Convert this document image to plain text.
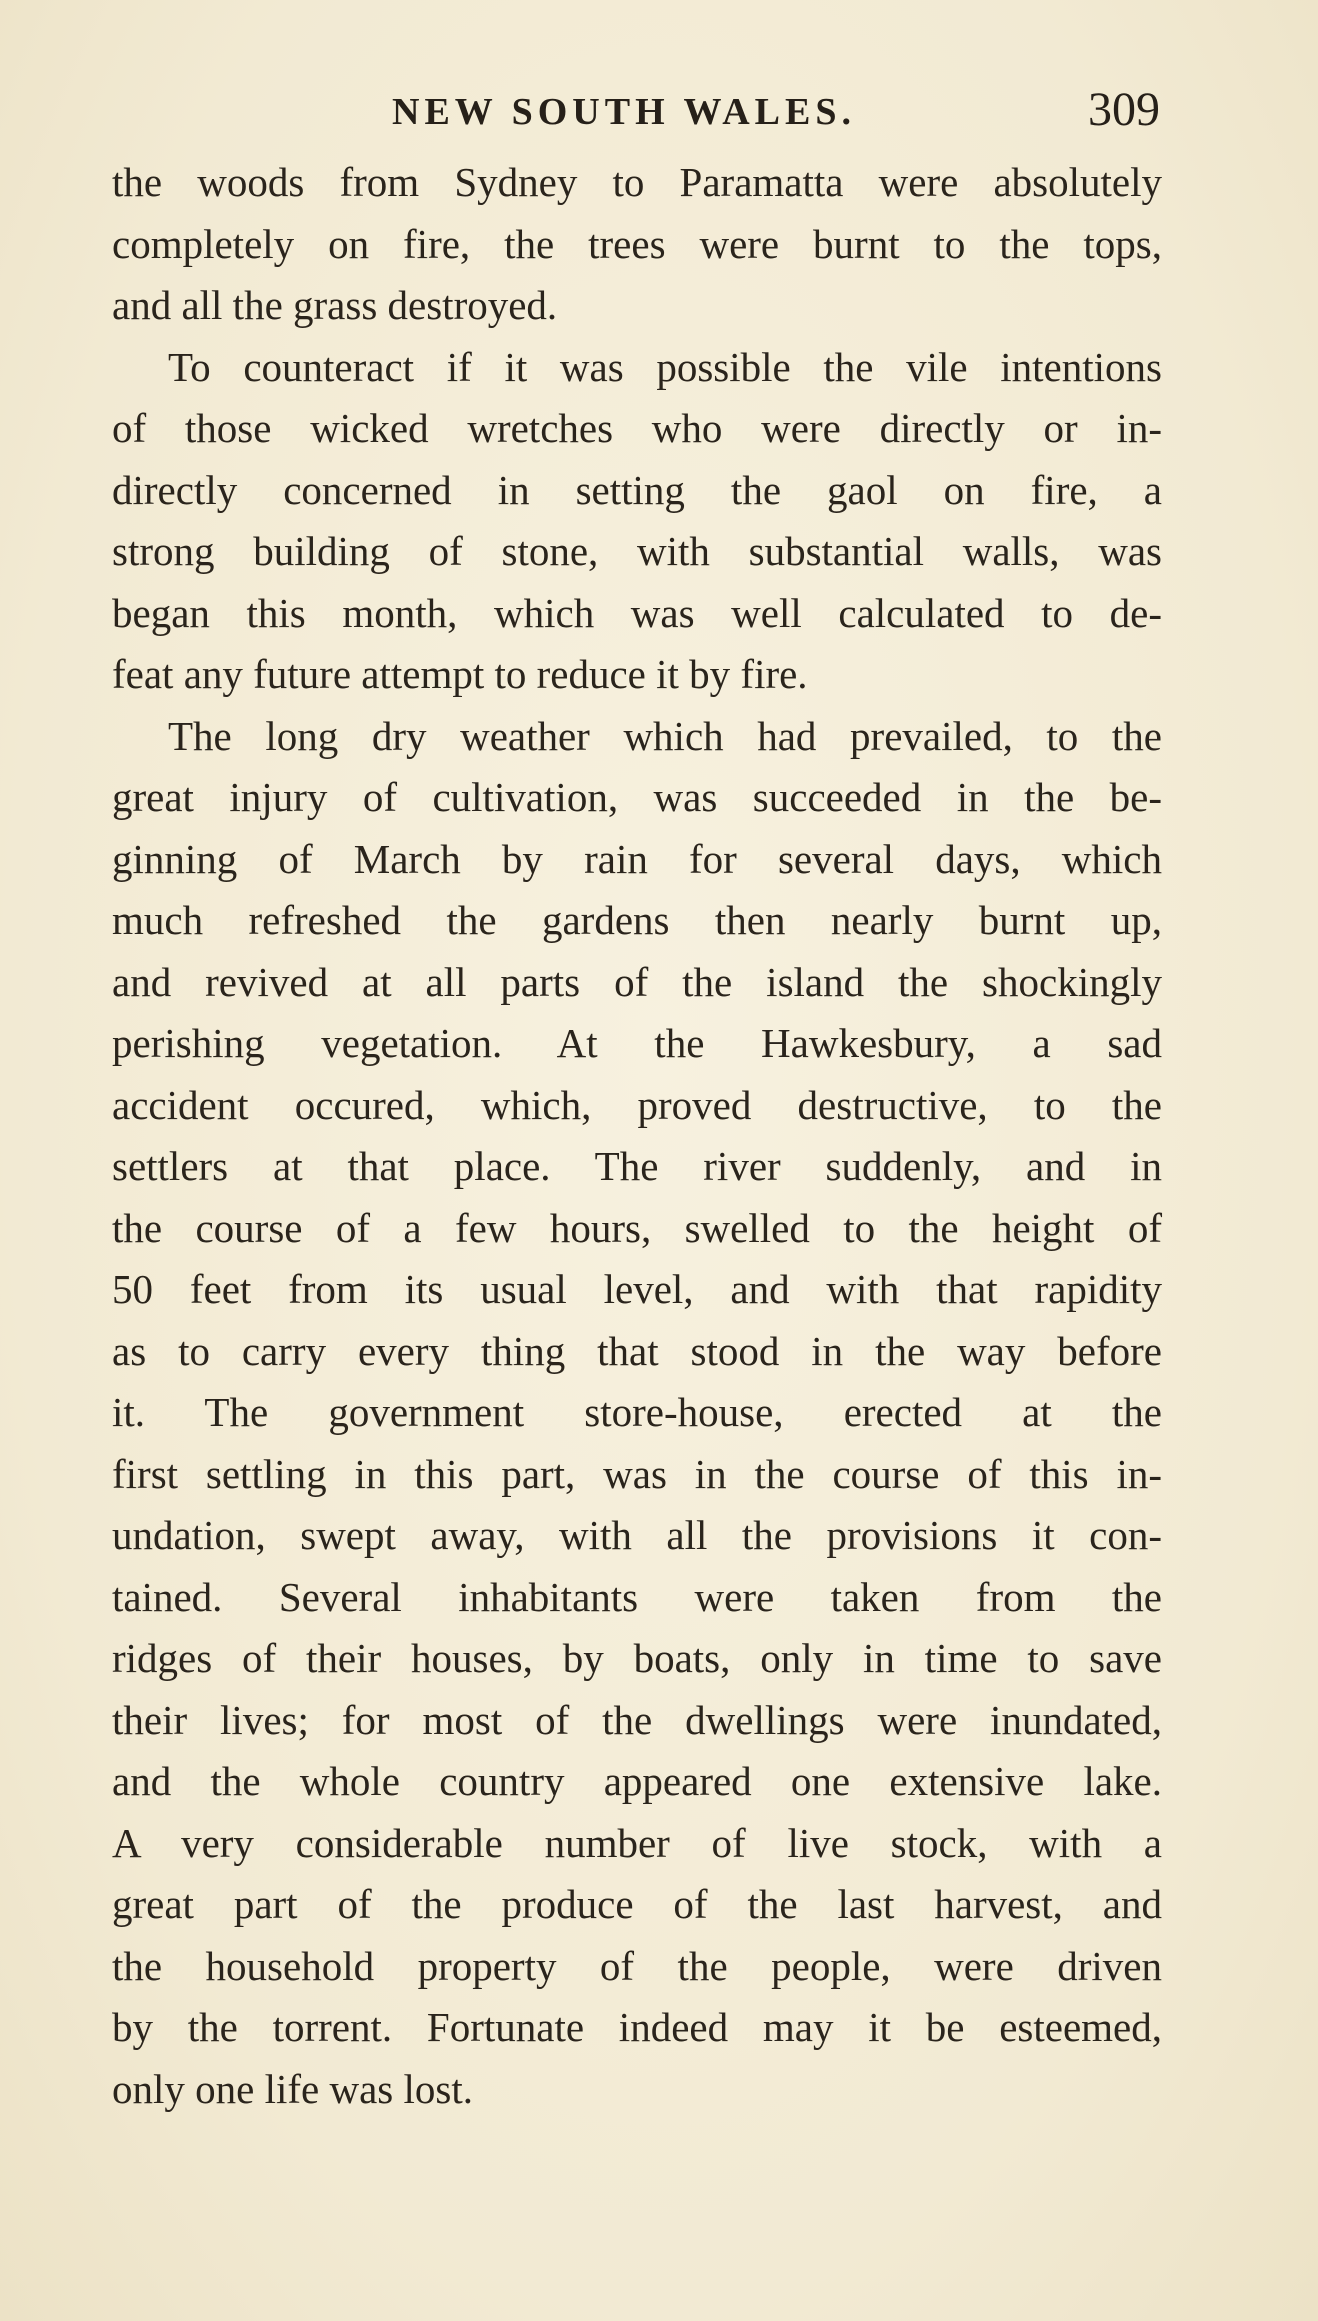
NEW SOUTH WALES.	309
the woods from Sydney to Paramatta were absolutely
completely on fire, the trees were burnt to the tops,
and all the grass destroyed.
To counteract if it was possible the vile intentions
of those wicked wretches who were directly or in-
directly concerned in setting the gaol on fire, a
strong building of stone, with substantial walls, was
began this month, which was well calculated to de-
feat any future attempt to reduce it by fire.
The long dry weather which had prevailed, to the
great injury of cultivation, was succeeded in the be-
ginning of March by rain for several days, which
much refreshed the gardens then nearly burnt up,
and revived at all parts of the island the shockingly
perishing vegetation. At the Hawkesbury, a sad
accident occured, which, proved destructive, to the
settlers at that place. The river suddenly, and in
the course of a few hours, swelled to the height of
50 feet from its usual level, and with that rapidity
as to carry every thing that stood in the way before
it. The government store-house, erected at the
first settling in this part, was in the course of this in-
undation, swept away, with all the provisions it con-
tained. Several inhabitants were taken from the
ridges of their houses, by boats, only in time to save
their lives; for most of the dwellings were inundated,
and the whole country appeared one extensive lake.
A very considerable number of live stock, with a
great part of the produce of the last harvest, and
the household property of the people, were driven
by the torrent. Fortunate indeed may it be esteemed,
only one life was lost.
